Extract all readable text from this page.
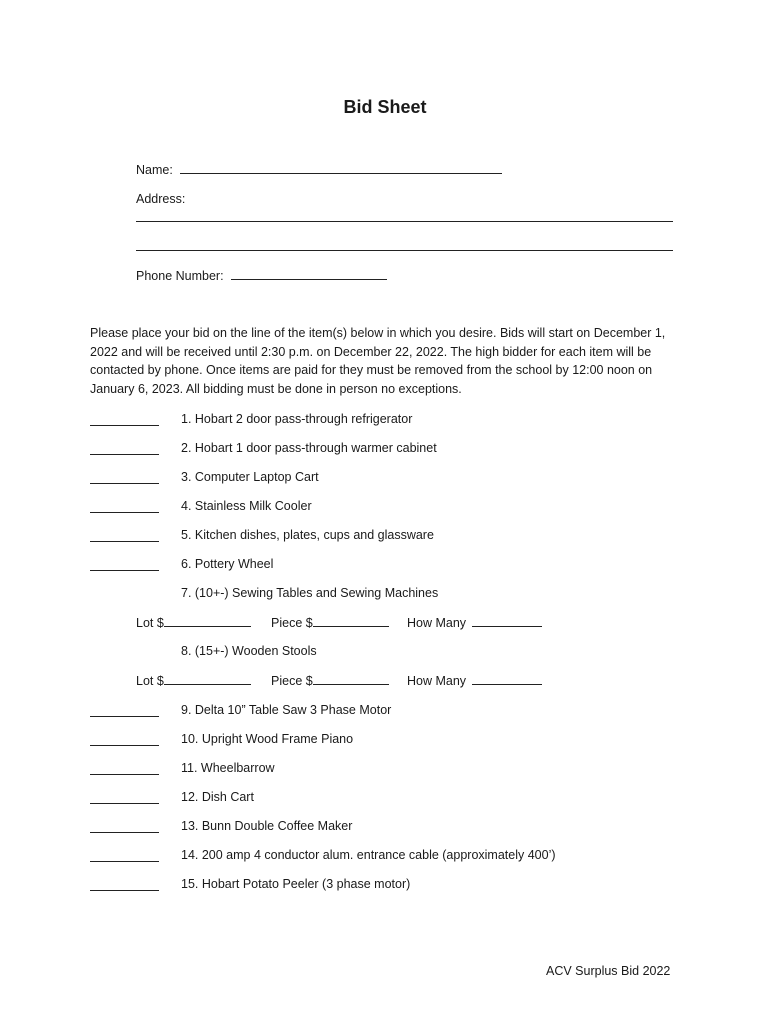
Bid Sheet
Name:
Address:
Phone Number:
Please place your bid on the line of the item(s) below in which you desire. Bids will start on December 1, 2022 and will be received until 2:30 p.m. on December 22, 2022. The high bidder for each item will be contacted by phone. Once items are paid for they must be removed from the school by 12:00 noon on January 6, 2023. All bidding must be done in person no exceptions.
1. Hobart 2 door pass-through refrigerator
2. Hobart 1 door pass-through warmer cabinet
3. Computer Laptop Cart
4. Stainless Milk Cooler
5. Kitchen dishes, plates, cups and glassware
6. Pottery Wheel
7. (10+-) Sewing Tables and Sewing Machines
Lot $	Piece $	How Many
8. (15+-) Wooden Stools
Lot $	Piece $	How Many
9. Delta 10” Table Saw 3 Phase Motor
10. Upright Wood Frame Piano
11. Wheelbarrow
12. Dish Cart
13. Bunn Double Coffee Maker
14. 200 amp 4 conductor alum. entrance cable (approximately 400’)
15. Hobart Potato Peeler (3 phase motor)
ACV Surplus Bid 2022
